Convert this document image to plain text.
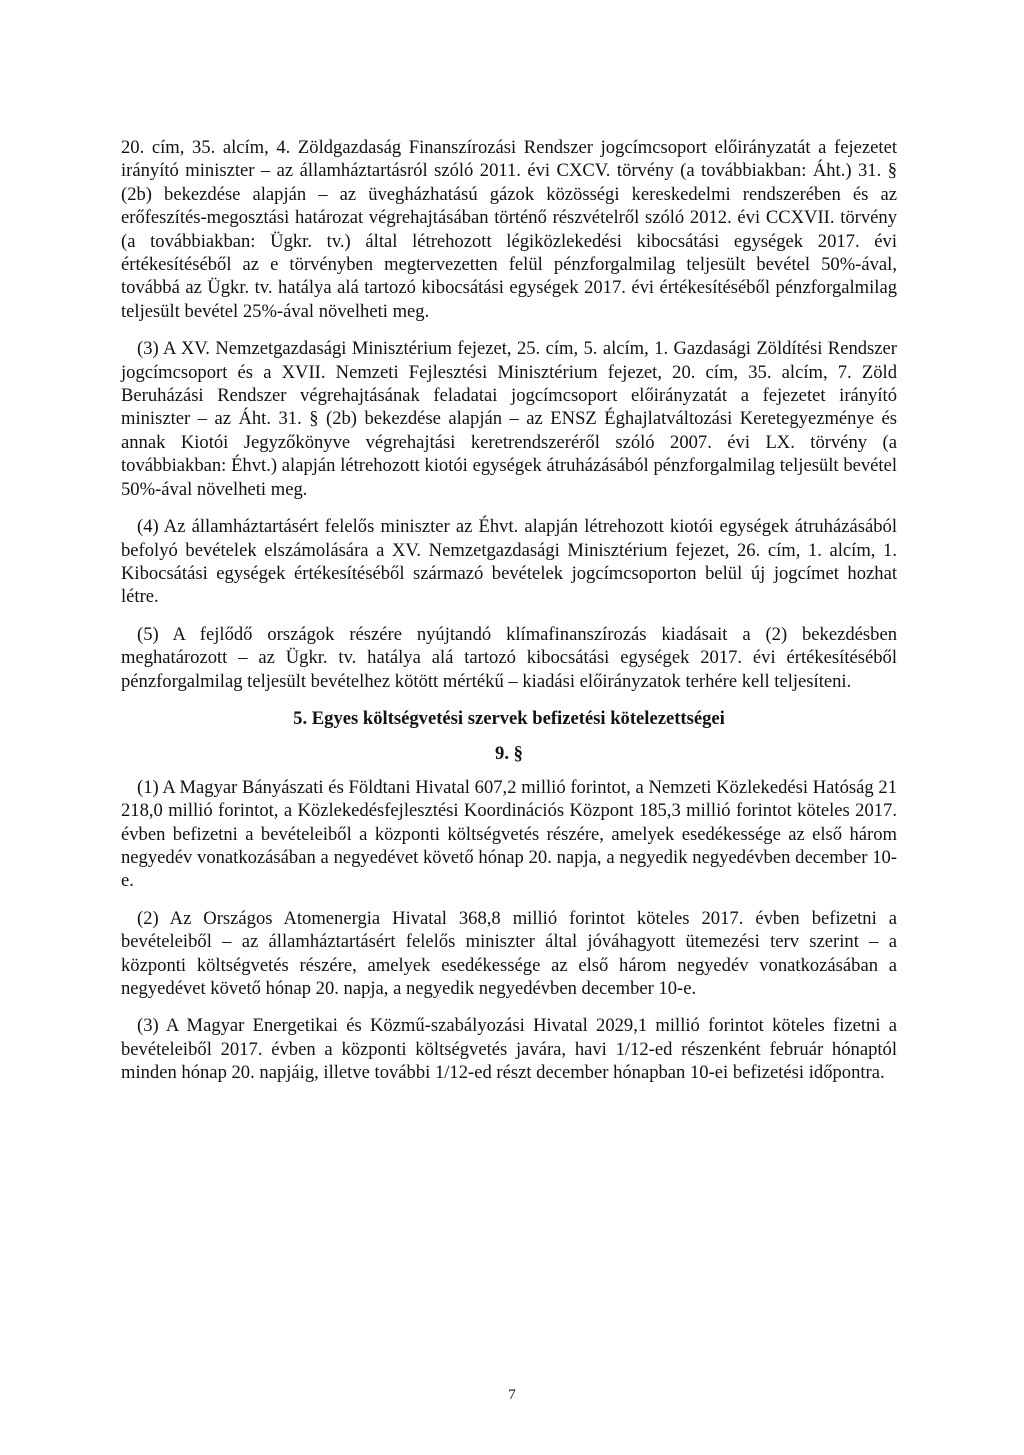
20. cím, 35. alcím, 4. Zöldgazdaság Finanszírozási Rendszer jogcímcsoport előirányzatát a fejezetet irányító miniszter – az államháztartásról szóló 2011. évi CXCV. törvény (a továbbiakban: Áht.) 31. § (2b) bekezdése alapján – az üvegházhatású gázok közösségi kereskedelmi rendszerében és az erőfeszítés-megosztási határozat végrehajtásában történő részvételről szóló 2012. évi CCXVII. törvény (a továbbiakban: Ügkr. tv.) által létrehozott légiközlekedési kibocsátási egységek 2017. évi értékesítéséből az e törvényben megtervezetten felül pénzforgalmilag teljesült bevétel 50%-ával, továbbá az Ügkr. tv. hatálya alá tartozó kibocsátási egységek 2017. évi értékesítéséből pénzforgalmilag teljesült bevétel 25%-ával növelheti meg.

(3) A XV. Nemzetgazdasági Minisztérium fejezet, 25. cím, 5. alcím, 1. Gazdasági Zöldítési Rendszer jogcímcsoport és a XVII. Nemzeti Fejlesztési Minisztérium fejezet, 20. cím, 35. alcím, 7. Zöld Beruházási Rendszer végrehajtásának feladatai jogcímcsoport előirányzatát a fejezetet irányító miniszter – az Áht. 31. § (2b) bekezdése alapján – az ENSZ Éghajlatváltozási Keretegyezménye és annak Kiotói Jegyzőkönyve végrehajtási keretrendszeréről szóló 2007. évi LX. törvény (a továbbiakban: Éhvt.) alapján létrehozott kiotói egységek átruházásából pénzforgalmilag teljesült bevétel 50%-ával növelheti meg.

(4) Az államháztartásért felelős miniszter az Éhvt. alapján létrehozott kiotói egységek átruházásából befolyó bevételek elszámolására a XV. Nemzetgazdasági Minisztérium fejezet, 26. cím, 1. alcím, 1. Kibocsátási egységek értékesítéséből származó bevételek jogcímcsoporton belül új jogcímet hozhat létre.

(5) A fejlődő országok részére nyújtandó klímafinanszírozás kiadásait a (2) bekezdésben meghatározott – az Ügkr. tv. hatálya alá tartozó kibocsátási egységek 2017. évi értékesítéséből pénzforgalmilag teljesült bevételhez kötött mértékű – kiadási előirányzatok terhére kell teljesíteni.

5. Egyes költségvetési szervek befizetési kötelezettségei
9. §

(1) A Magyar Bányászati és Földtani Hivatal 607,2 millió forintot, a Nemzeti Közlekedési Hatóság 21 218,0 millió forintot, a Közlekedésfejlesztési Koordinációs Központ 185,3 millió forintot köteles 2017. évben befizetni a bevételeiből a központi költségvetés részére, amelyek esedékessége az első három negyedév vonatkozásában a negyedévet követő hónap 20. napja, a negyedik negyedévben december 10-e.

(2) Az Országos Atomenergia Hivatal 368,8 millió forintot köteles 2017. évben befizetni a bevételeiből – az államháztartásért felelős miniszter által jóváhagyott ütemezési terv szerint – a központi költségvetés részére, amelyek esedékessége az első három negyedév vonatkozásában a negyedévet követő hónap 20. napja, a negyedik negyedévben december 10-e.

(3) A Magyar Energetikai és Közmű-szabályozási Hivatal 2029,1 millió forintot köteles fizetni a bevételeiből 2017. évben a központi költségvetés javára, havi 1/12-ed részenként február hónaptól minden hónap 20. napjáig, illetve további 1/12-ed részt december hónapban 10-ei befizetési időpontra.

7
